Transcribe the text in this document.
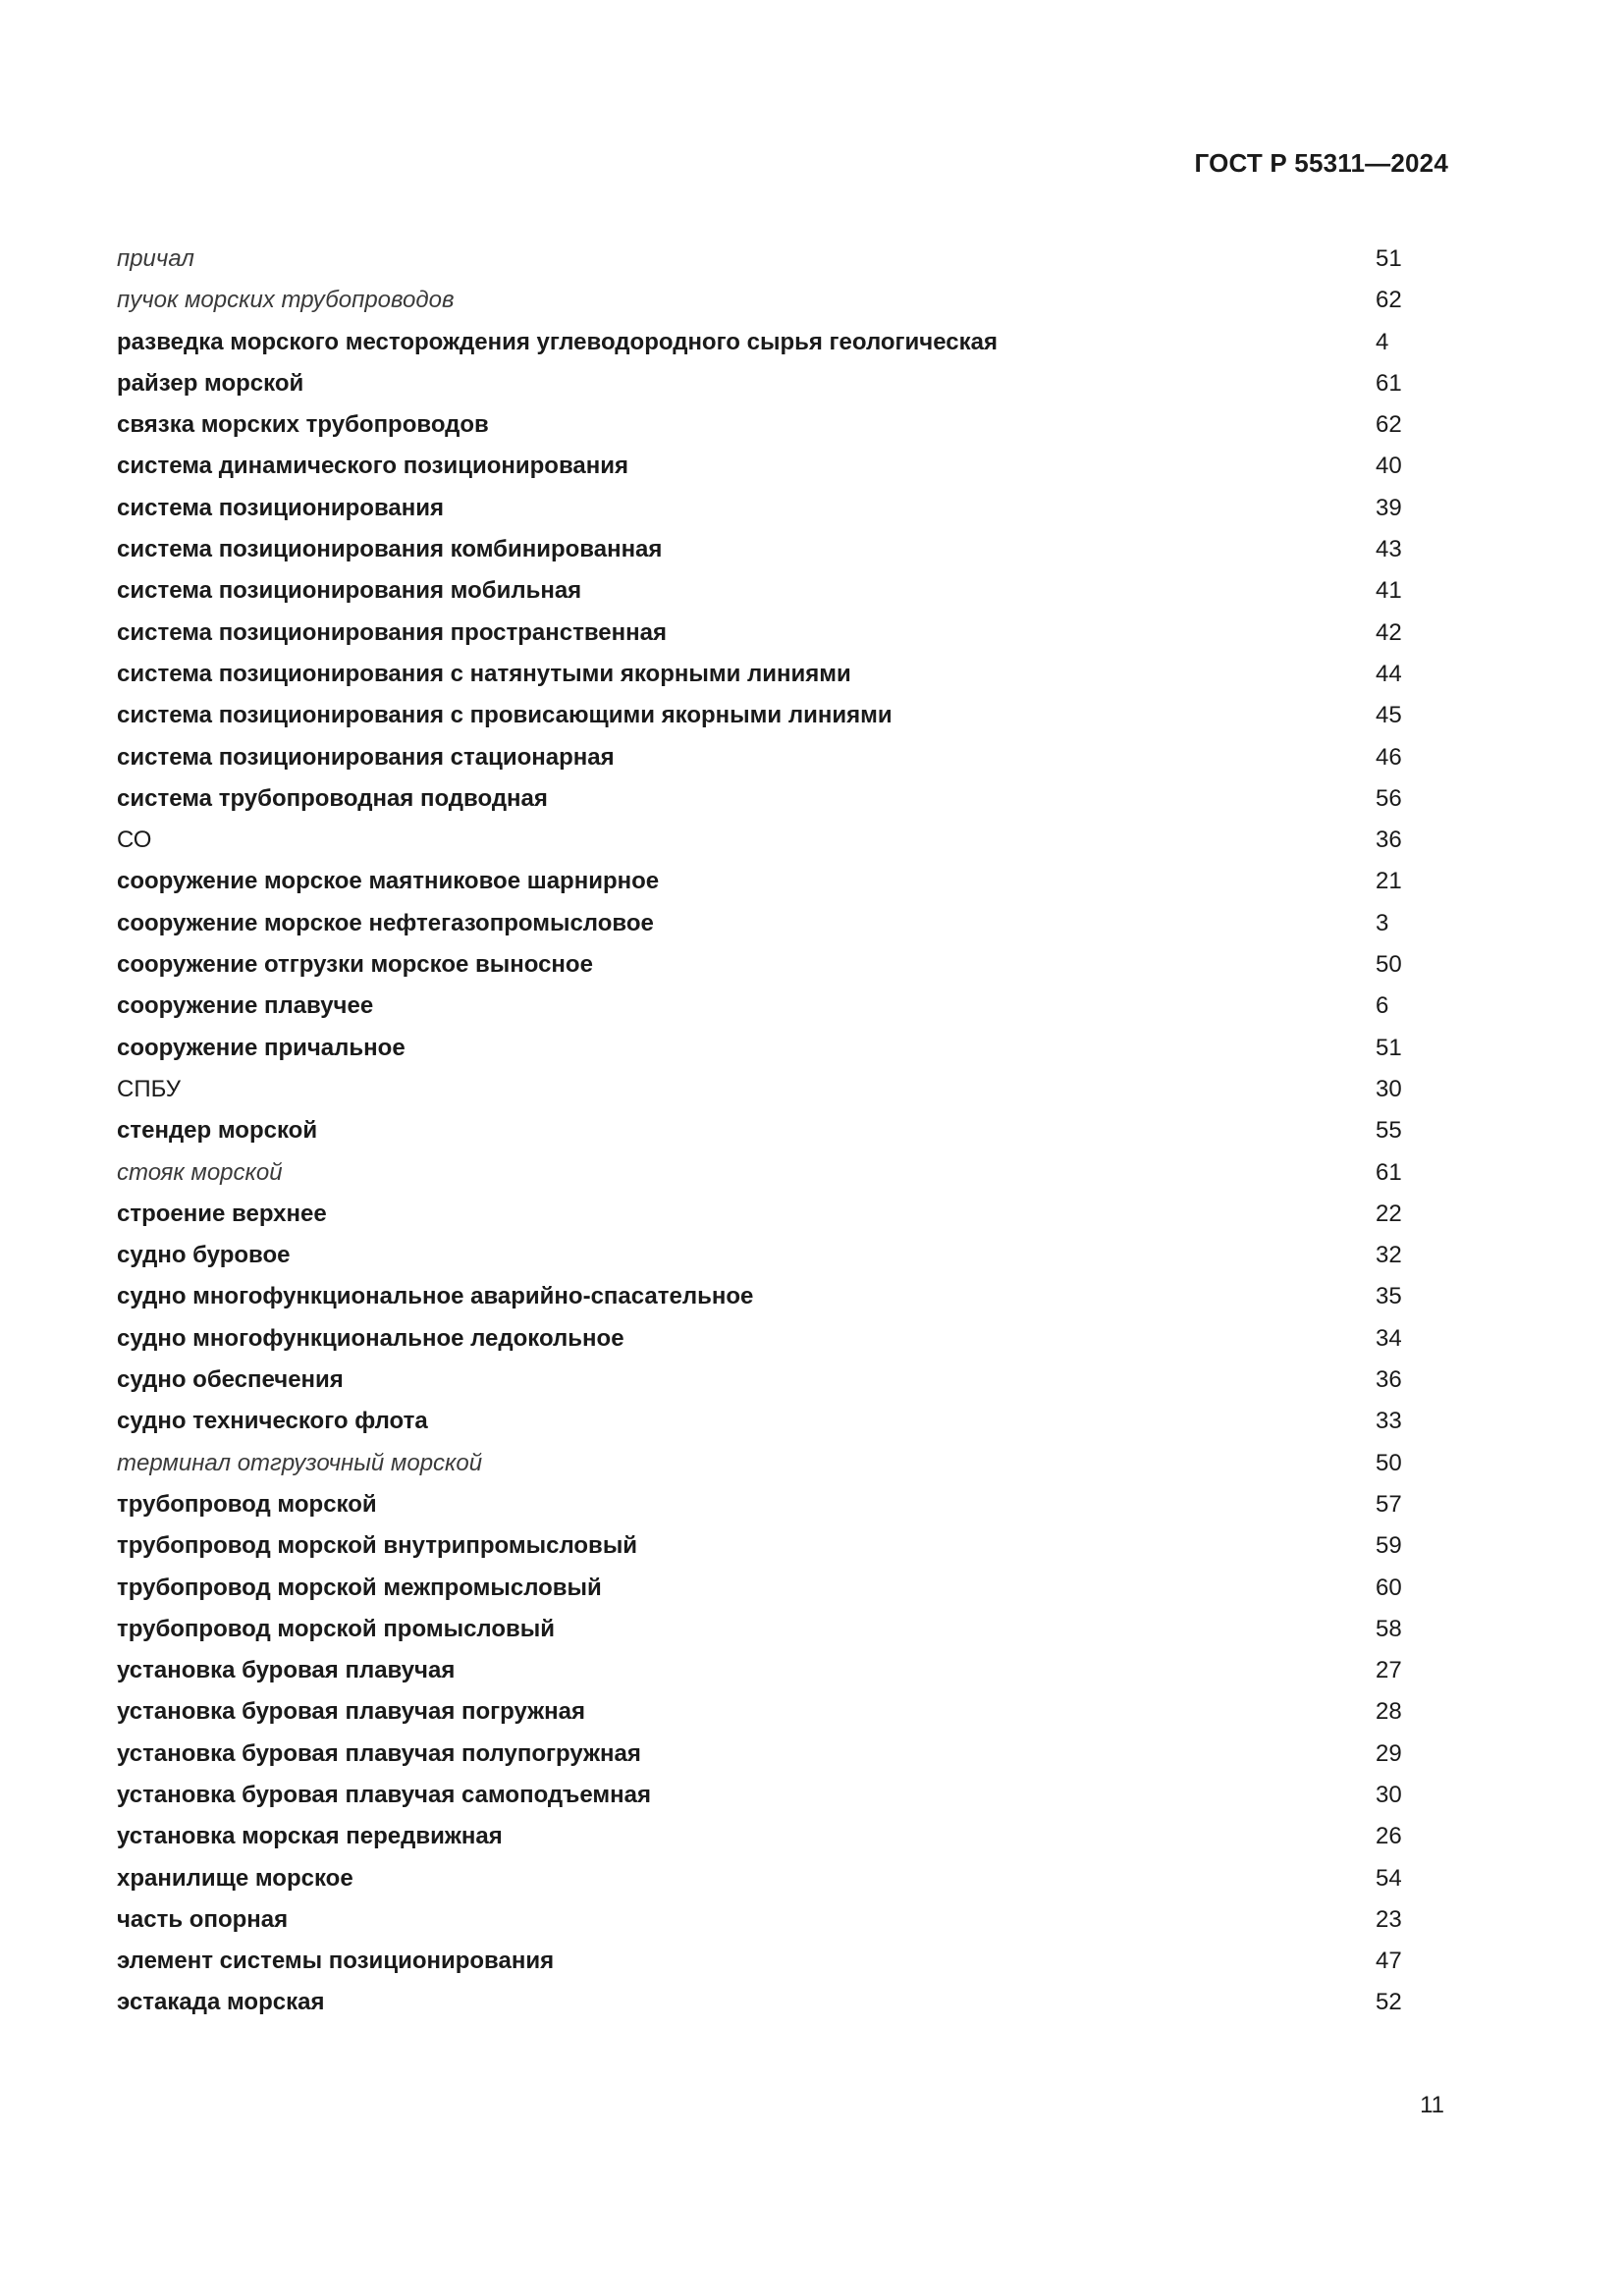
ГОСТ Р 55311—2024
причал	51
пучок морских трубопроводов	62
разведка морского месторождения углеводородного сырья геологическая	4
райзер морской	61
связка морских трубопроводов	62
система динамического позиционирования	40
система позиционирования	39
система позиционирования комбинированная	43
система позиционирования мобильная	41
система позиционирования пространственная	42
система позиционирования с натянутыми якорными линиями	44
система позиционирования с провисающими якорными линиями	45
система позиционирования стационарная	46
система трубопроводная подводная	56
СО	36
сооружение морское маятниковое шарнирное	21
сооружение морское нефтегазопромысловое	3
сооружение отгрузки морское выносное	50
сооружение плавучее	6
сооружение причальное	51
СПБУ	30
стендер морской	55
стояк морской	61
строение верхнее	22
судно буровое	32
судно многофункциональное аварийно-спасательное	35
судно многофункциональное ледокольное	34
судно обеспечения	36
судно технического флота	33
терминал отгрузочный морской	50
трубопровод морской	57
трубопровод морской внутрипромысловый	59
трубопровод морской межпромысловый	60
трубопровод морской промысловый	58
установка буровая плавучая	27
установка буровая плавучая погружная	28
установка буровая плавучая полупогружная	29
установка буровая плавучая самоподъемная	30
установка морская передвижная	26
хранилище морское	54
часть опорная	23
элемент системы позиционирования	47
эстакада морская	52
11
